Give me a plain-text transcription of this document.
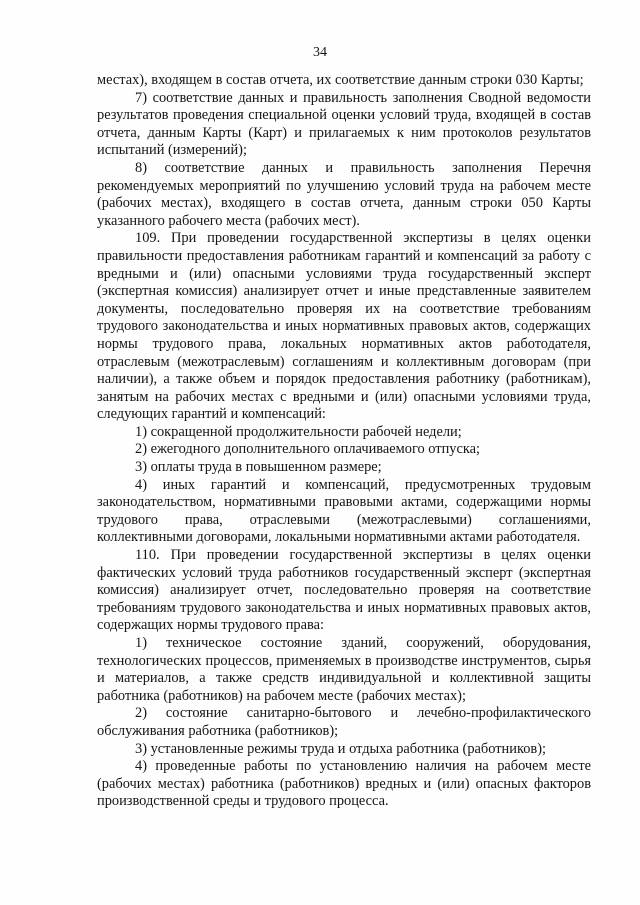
34

местах), входящем в состав отчета, их соответствие данным строки 030 Карты;

7) соответствие данных и правильность заполнения Сводной ведомости результатов проведения специальной оценки условий труда, входящей в состав отчета, данным Карты (Карт) и прилагаемых к ним протоколов результатов испытаний (измерений);

8) соответствие данных и правильность заполнения Перечня рекомендуемых мероприятий по улучшению условий труда на рабочем месте (рабочих местах), входящего в состав отчета, данным строки 050 Карты указанного рабочего места (рабочих мест).

109. При проведении государственной экспертизы в целях оценки правильности предоставления работникам гарантий и компенсаций за работу с вредными и (или) опасными условиями труда государственный эксперт (экспертная комиссия) анализирует отчет и иные представленные заявителем документы, последовательно проверяя их на соответствие требованиям трудового законодательства и иных нормативных правовых актов, содержащих нормы трудового права, локальных нормативных актов работодателя, отраслевым (межотраслевым) соглашениям и коллективным договорам (при наличии), а также объем и порядок предоставления работнику (работникам), занятым на рабочих местах с вредными и (или) опасными условиями труда, следующих гарантий и компенсаций:

1) сокращенной продолжительности рабочей недели;

2) ежегодного дополнительного оплачиваемого отпуска;

3) оплаты труда в повышенном размере;

4) иных гарантий и компенсаций, предусмотренных трудовым законодательством, нормативными правовыми актами, содержащими нормы трудового права, отраслевыми (межотраслевыми) соглашениями, коллективными договорами, локальными нормативными актами работодателя.

110. При проведении государственной экспертизы в целях оценки фактических условий труда работников государственный эксперт (экспертная комиссия) анализирует отчет, последовательно проверяя на соответствие требованиям трудового законодательства и иных нормативных правовых актов, содержащих нормы трудового права:

1) техническое состояние зданий, сооружений, оборудования, технологических процессов, применяемых в производстве инструментов, сырья и материалов, а также средств индивидуальной и коллективной защиты работника (работников) на рабочем месте (рабочих местах);

2) состояние санитарно-бытового и лечебно-профилактического обслуживания работника (работников);

3) установленные режимы труда и отдыха работника (работников);

4) проведенные работы по установлению наличия на рабочем месте (рабочих местах) работника (работников) вредных и (или) опасных факторов производственной среды и трудового процесса.
